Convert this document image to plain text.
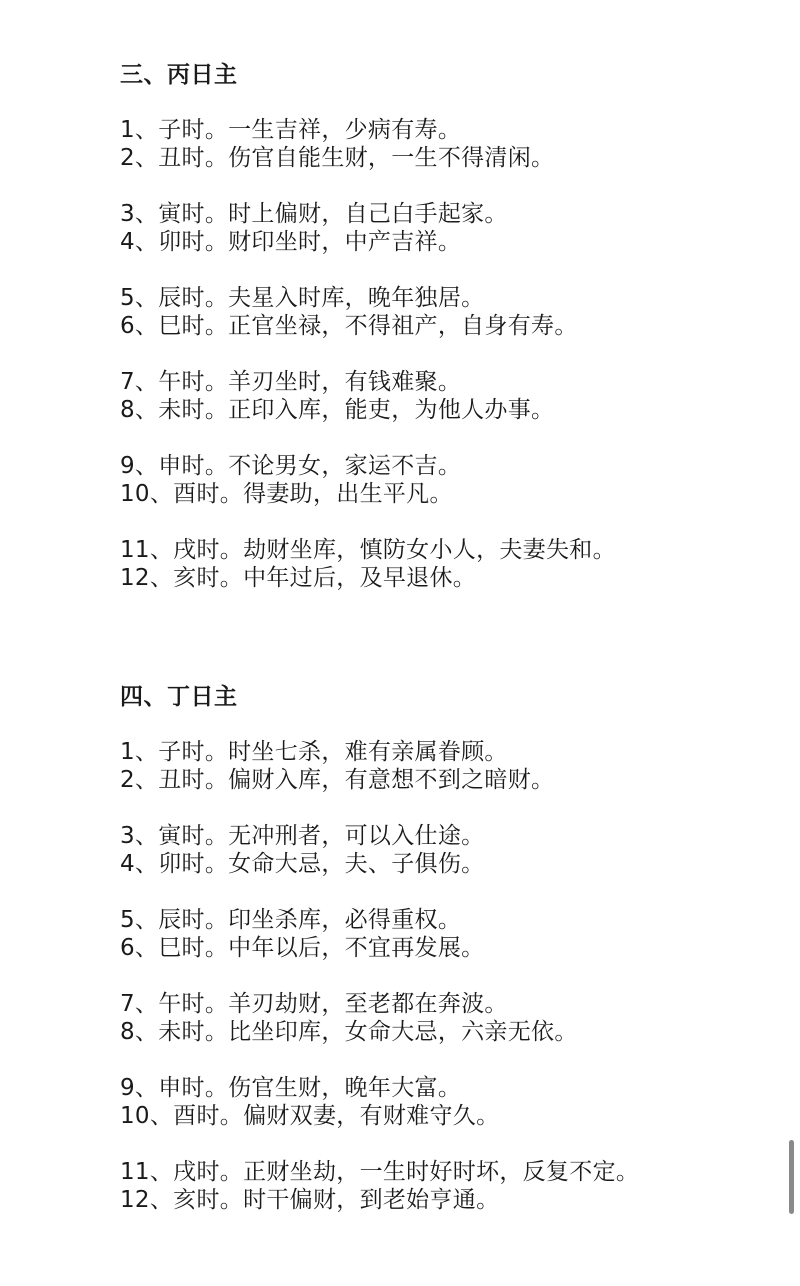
三、丙日主
1、子时。一生吉祥，少病有寿。
2、丑时。伤官自能生财，一生不得清闲。
3、寅时。时上偏财，自己白手起家。
4、卯时。财印坐时，中产吉祥。
5、辰时。夫星入时库，晚年独居。
6、巳时。正官坐禄，不得祖产，自身有寿。
7、午时。羊刃坐时，有钱难聚。
8、未时。正印入库，能吏，为他人办事。
9、申时。不论男女，家运不吉。
10、酉时。得妻助，出生平凡。
11、戌时。劫财坐库，慎防女小人，夫妻失和。
12、亥时。中年过后，及早退休。
四、丁日主
1、子时。时坐七杀，难有亲属眷顾。
2、丑时。偏财入库，有意想不到之暗财。
3、寅时。无冲刑者，可以入仕途。
4、卯时。女命大忌，夫、子俱伤。
5、辰时。印坐杀库，必得重权。
6、巳时。中年以后，不宜再发展。
7、午时。羊刃劫财，至老都在奔波。
8、未时。比坐印库，女命大忌，六亲无依。
9、申时。伤官生财，晚年大富。
10、酉时。偏财双妻，有财难守久。
11、戌时。正财坐劫，一生时好时坏，反复不定。
12、亥时。时干偏财，到老始亨通。
